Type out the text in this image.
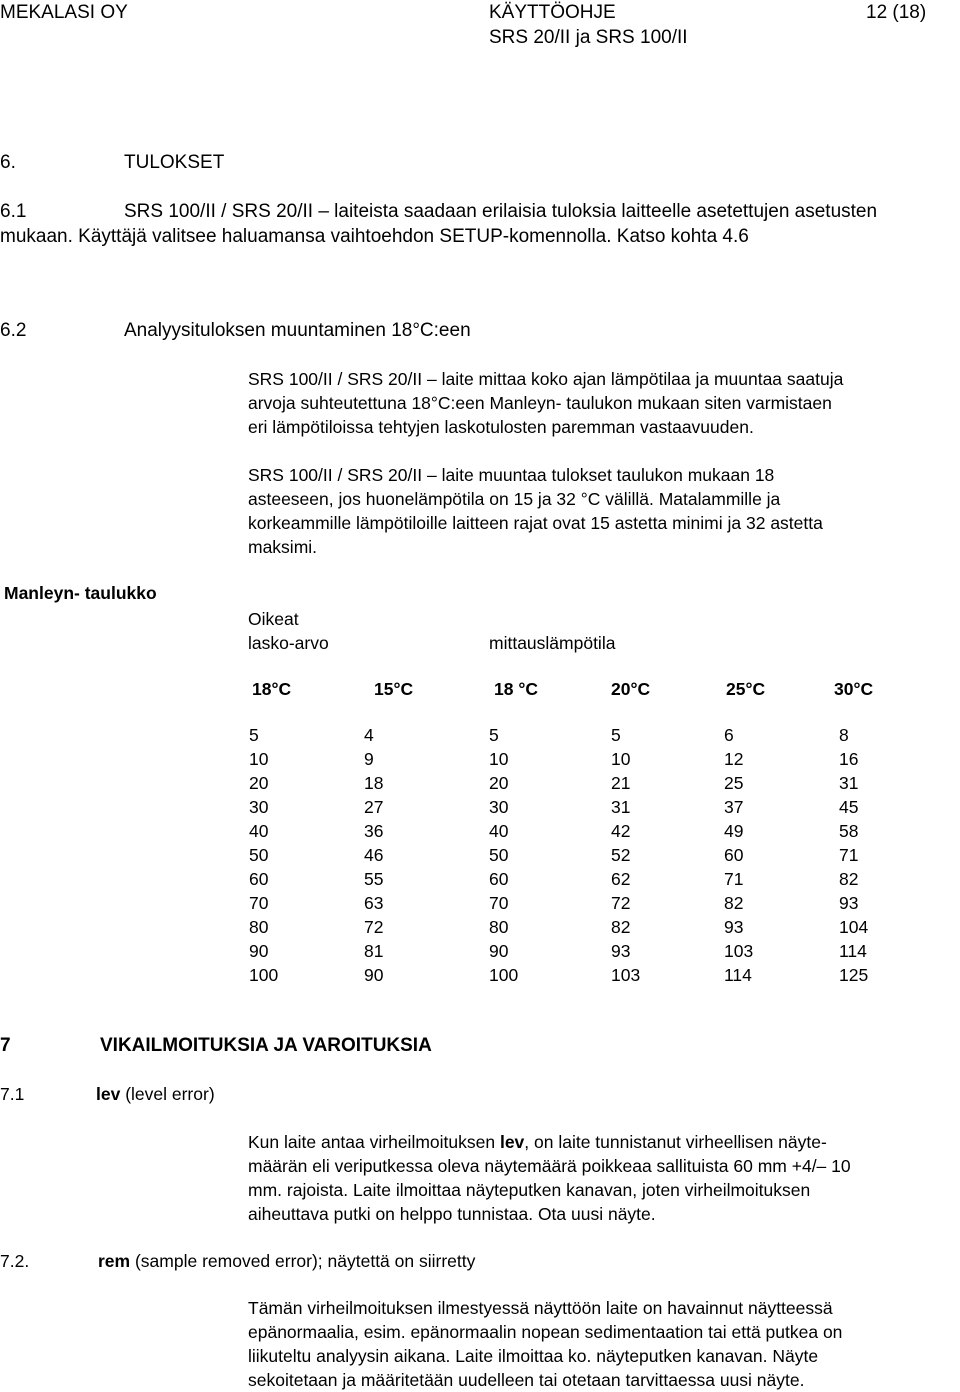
MEKALASI OY	KÄYTTÖOHJE
SRS 20/II ja SRS 100/II
12 (18)
6.	TULOKSET
6.1	SRS 100/II / SRS 20/II – laiteista saadaan erilaisia tuloksia laitteelle asetettujen asetusten
mukaan. Käyttäjä valitsee haluamansa vaihtoehdon SETUP-komennolla. Katso kohta 4.6
6.2	Analyysituloksen muuntaminen 18°C:een
SRS 100/II / SRS 20/II – laite mittaa koko ajan lämpötilaa ja muuntaa saatuja
arvoja suhteutettuna 18°C:een Manleyn- taulukon mukaan siten varmistaen
eri lämpötiloissa tehtyjen laskotulosten paremman vastaavuuden.
SRS 100/II / SRS 20/II – laite muuntaa tulokset taulukon mukaan 18
asteeseen, jos huonelämpötila on 15 ja 32 °C välillä. Matalammille ja
korkeammille lämpötiloille laitteen rajat ovat 15 astetta minimi ja 32 astetta
maksimi.
Manleyn- taulukko
Oikeat
lasko-arvo	mittauslämpötila
18°C	15°C	18 °C	20°C	25°C	30°C
5	4	5	5	6	8
10	9	10	10	12	16
20	18	20	21	25	31
30	27	30	31	37	45
40	36	40	42	49	58
50	46	50	52	60	71
60	55	60	62	71	82
70	63	70	72	82	93
80	72	80	82	93	104
90	81	90	93	103	114
100	90	100	103	114	125
7	VIKAILMOITUKSIA JA VAROITUKSIA
7.1	lev (level error)
Kun laite antaa virheilmoituksen lev, on laite tunnistanut virheellisen näyte-
määrän eli veriputkessa oleva näytemäärä poikkeaa sallituista 60 mm +4/– 10
mm. rajoista. Laite ilmoittaa näyteputken kanavan, joten virheilmoituksen
aiheuttava putki on helppo tunnistaa. Ota uusi näyte.
7.2.	rem (sample removed error); näytettä on siirretty
Tämän virheilmoituksen ilmestyessä näyttöön laite on havainnut näytteessä
epänormaalia, esim. epänormaalin nopean sedimentaation tai että putkea on
liikuteltu analyysin aikana. Laite ilmoittaa ko. näyteputken kanavan. Näyte
sekoitetaan ja määritetään uudelleen tai otetaan tarvittaessa uusi näyte.
